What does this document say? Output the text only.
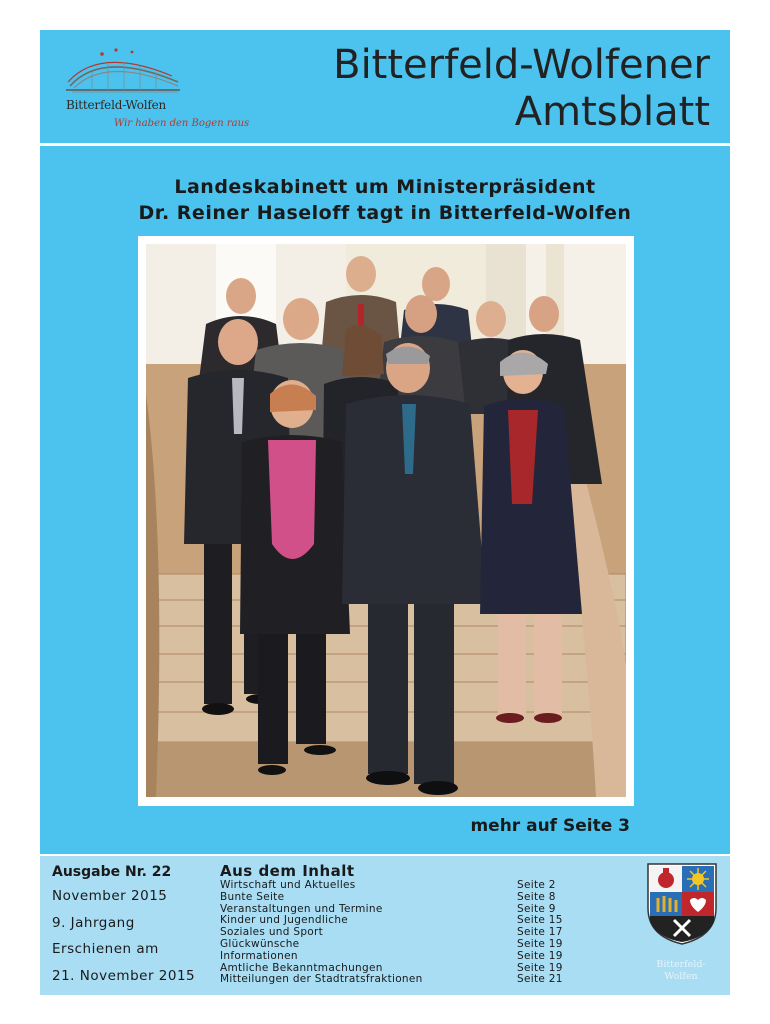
Bitterfeld-Wolfen
Wir haben den Bogen raus
Bitterfeld-Wolfener
Amtsblatt
Landeskabinett um Ministerpräsident
Dr. Reiner Haseloff tagt in Bitterfeld-Wolfen
mehr auf Seite 3
Ausgabe Nr. 22
November 2015
9. Jahrgang
Erschienen am
21. November 2015
Aus dem Inhalt
Wirtschaft und Aktuelles	Seite 2
Bunte Seite	Seite 8
Veranstaltungen und Termine	Seite 9
Kinder und Jugendliche	Seite 15
Soziales und Sport	Seite 17
Glückwünsche	Seite 19
Informationen	Seite 19
Amtliche Bekanntmachungen	Seite 19
Mitteilungen der Stadtratsfraktionen	Seite 21
Bitterfeld-
Wolfen
